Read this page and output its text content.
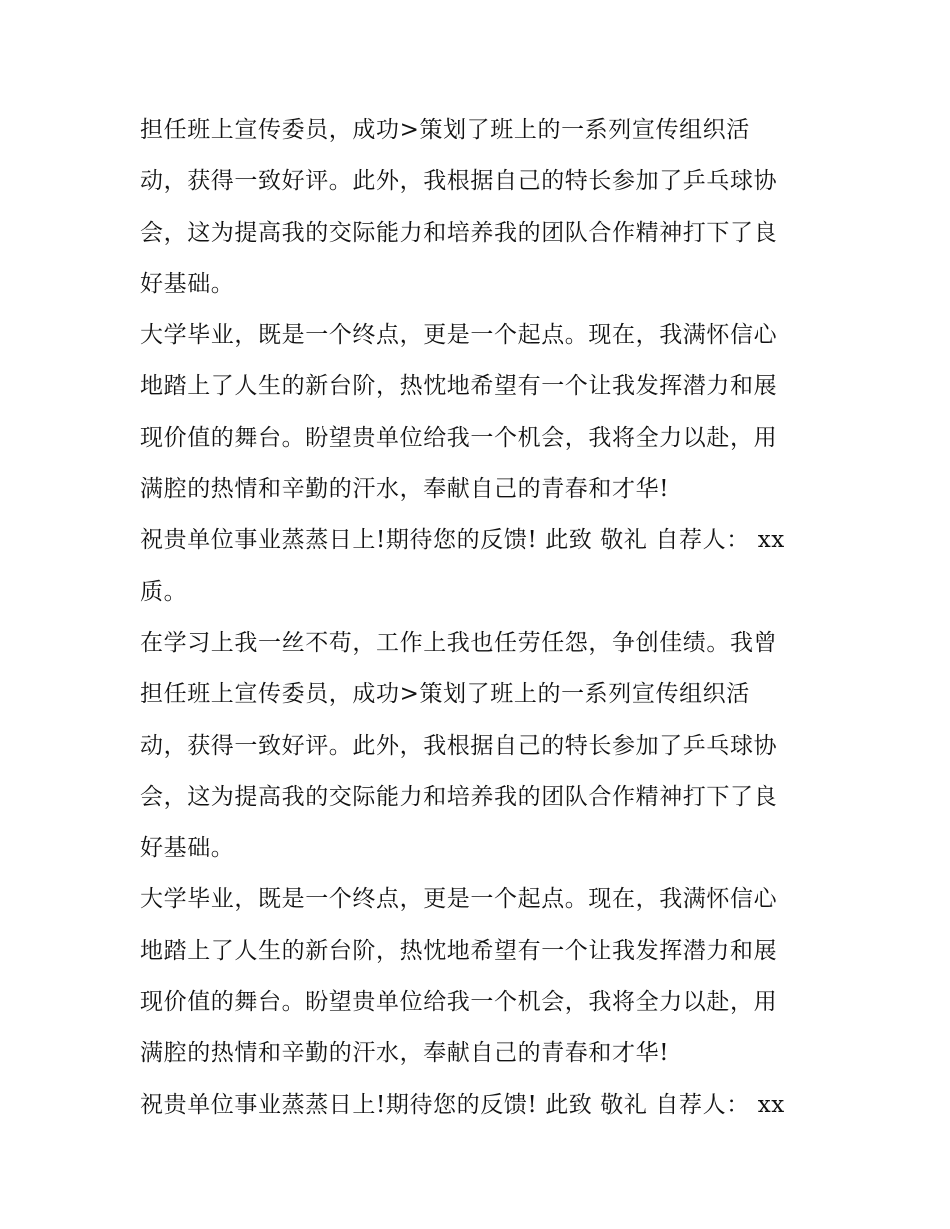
担任班上宣传委员，成功>策划了班上的一系列宣传组织活
动，获得一致好评。此外，我根据自己的特长参加了乒乓球协
会，这为提高我的交际能力和培养我的团队合作精神打下了良
好基础。
大学毕业，既是一个终点，更是一个起点。现在，我满怀信心
地踏上了人生的新台阶，热忱地希望有一个让我发挥潜力和展
现价值的舞台。盼望贵单位给我一个机会，我将全力以赴，用
满腔的热情和辛勤的汗水，奉献自己的青春和才华!
祝贵单位事业蒸蒸日上!期待您的反馈! 此致 敬礼 自荐人： xx
质。
在学习上我一丝不苟，工作上我也任劳任怨，争创佳绩。我曾
担任班上宣传委员，成功>策划了班上的一系列宣传组织活
动，获得一致好评。此外，我根据自己的特长参加了乒乓球协
会，这为提高我的交际能力和培养我的团队合作精神打下了良
好基础。
大学毕业，既是一个终点，更是一个起点。现在，我满怀信心
地踏上了人生的新台阶，热忱地希望有一个让我发挥潜力和展
现价值的舞台。盼望贵单位给我一个机会，我将全力以赴，用
满腔的热情和辛勤的汗水，奉献自己的青春和才华!
祝贵单位事业蒸蒸日上!期待您的反馈! 此致 敬礼 自荐人： xx
